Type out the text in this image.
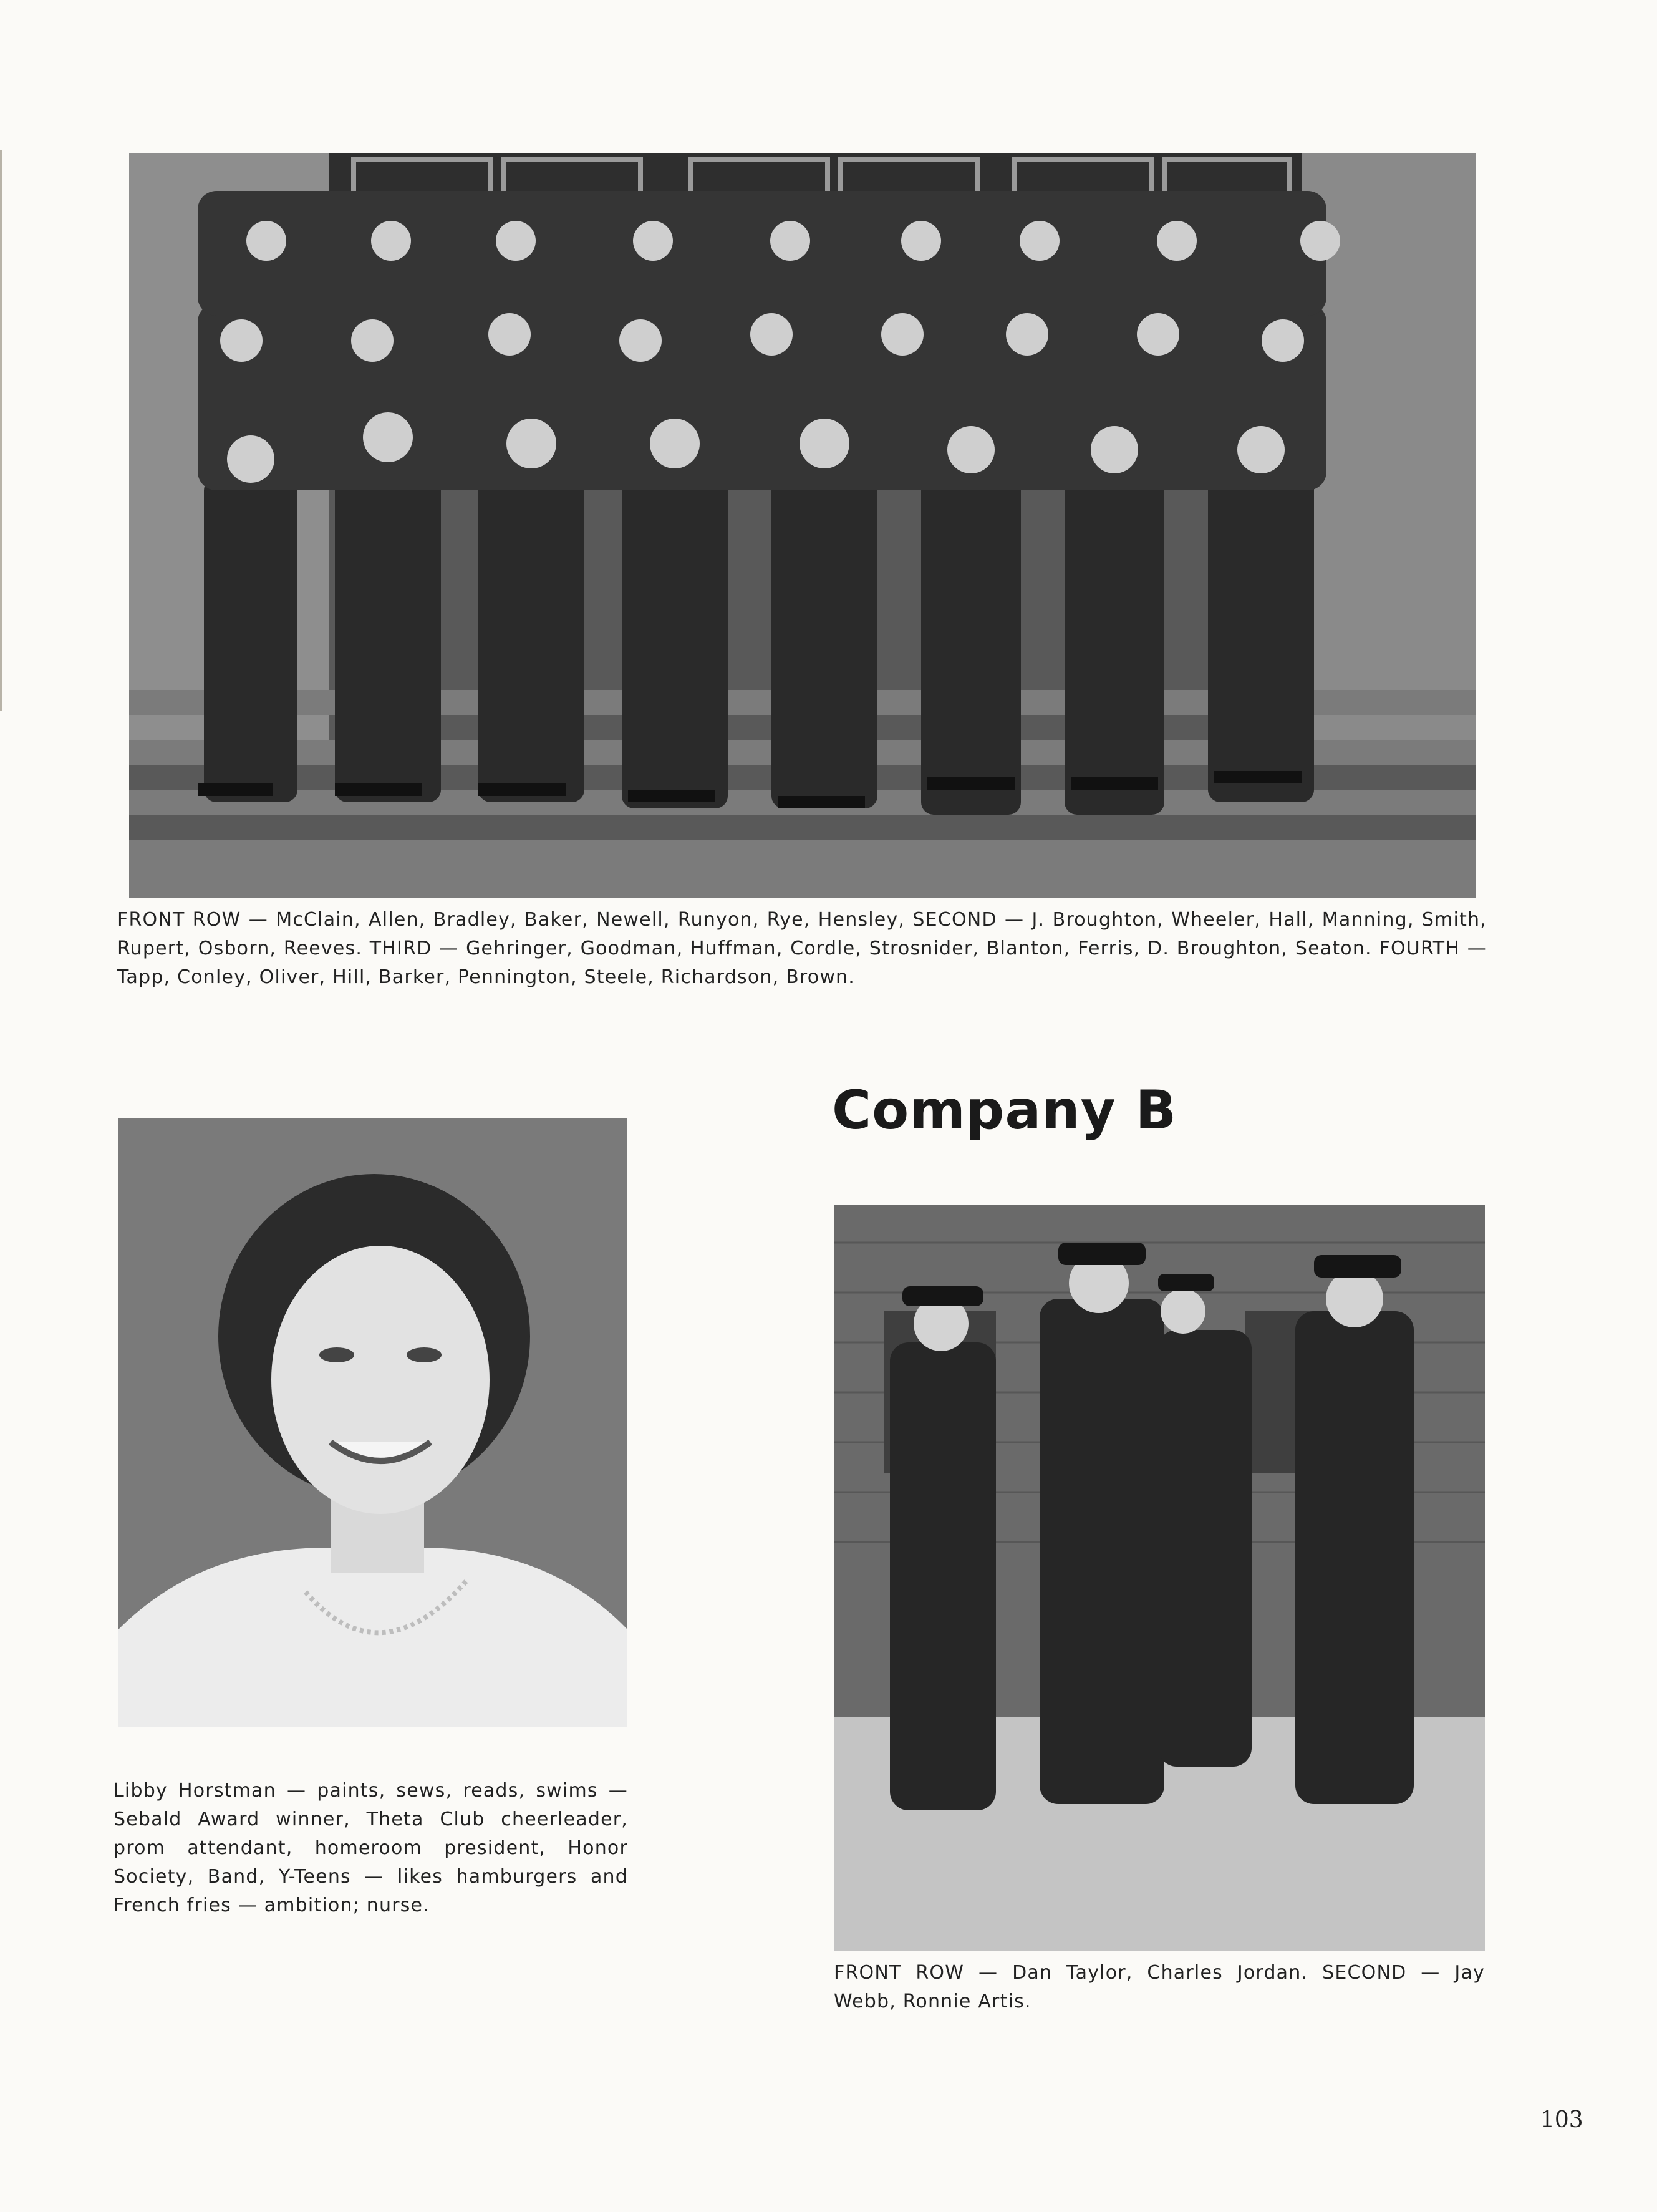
FRONT ROW — McClain, Allen, Bradley, Baker, Newell, Runyon, Rye, Hensley, SECOND — J. Broughton, Wheeler, Hall, Manning, Smith, Rupert, Osborn, Reeves. THIRD — Gehringer, Goodman, Huffman, Cordle, Strosnider, Blanton, Ferris, D. Broughton, Seaton. FOURTH — Tapp, Conley, Oliver, Hill, Barker, Pennington, Steele, Richardson, Brown.
Libby Horstman — paints, sews, reads, swims — Sebald Award winner, Theta Club cheerleader, prom attendant, homeroom president, Honor Society, Band, Y-Teens — likes hamburgers and French fries — ambition; nurse.
Company B
FRONT ROW — Dan Taylor, Charles Jordan. SECOND — Jay Webb, Ronnie Artis.
103
